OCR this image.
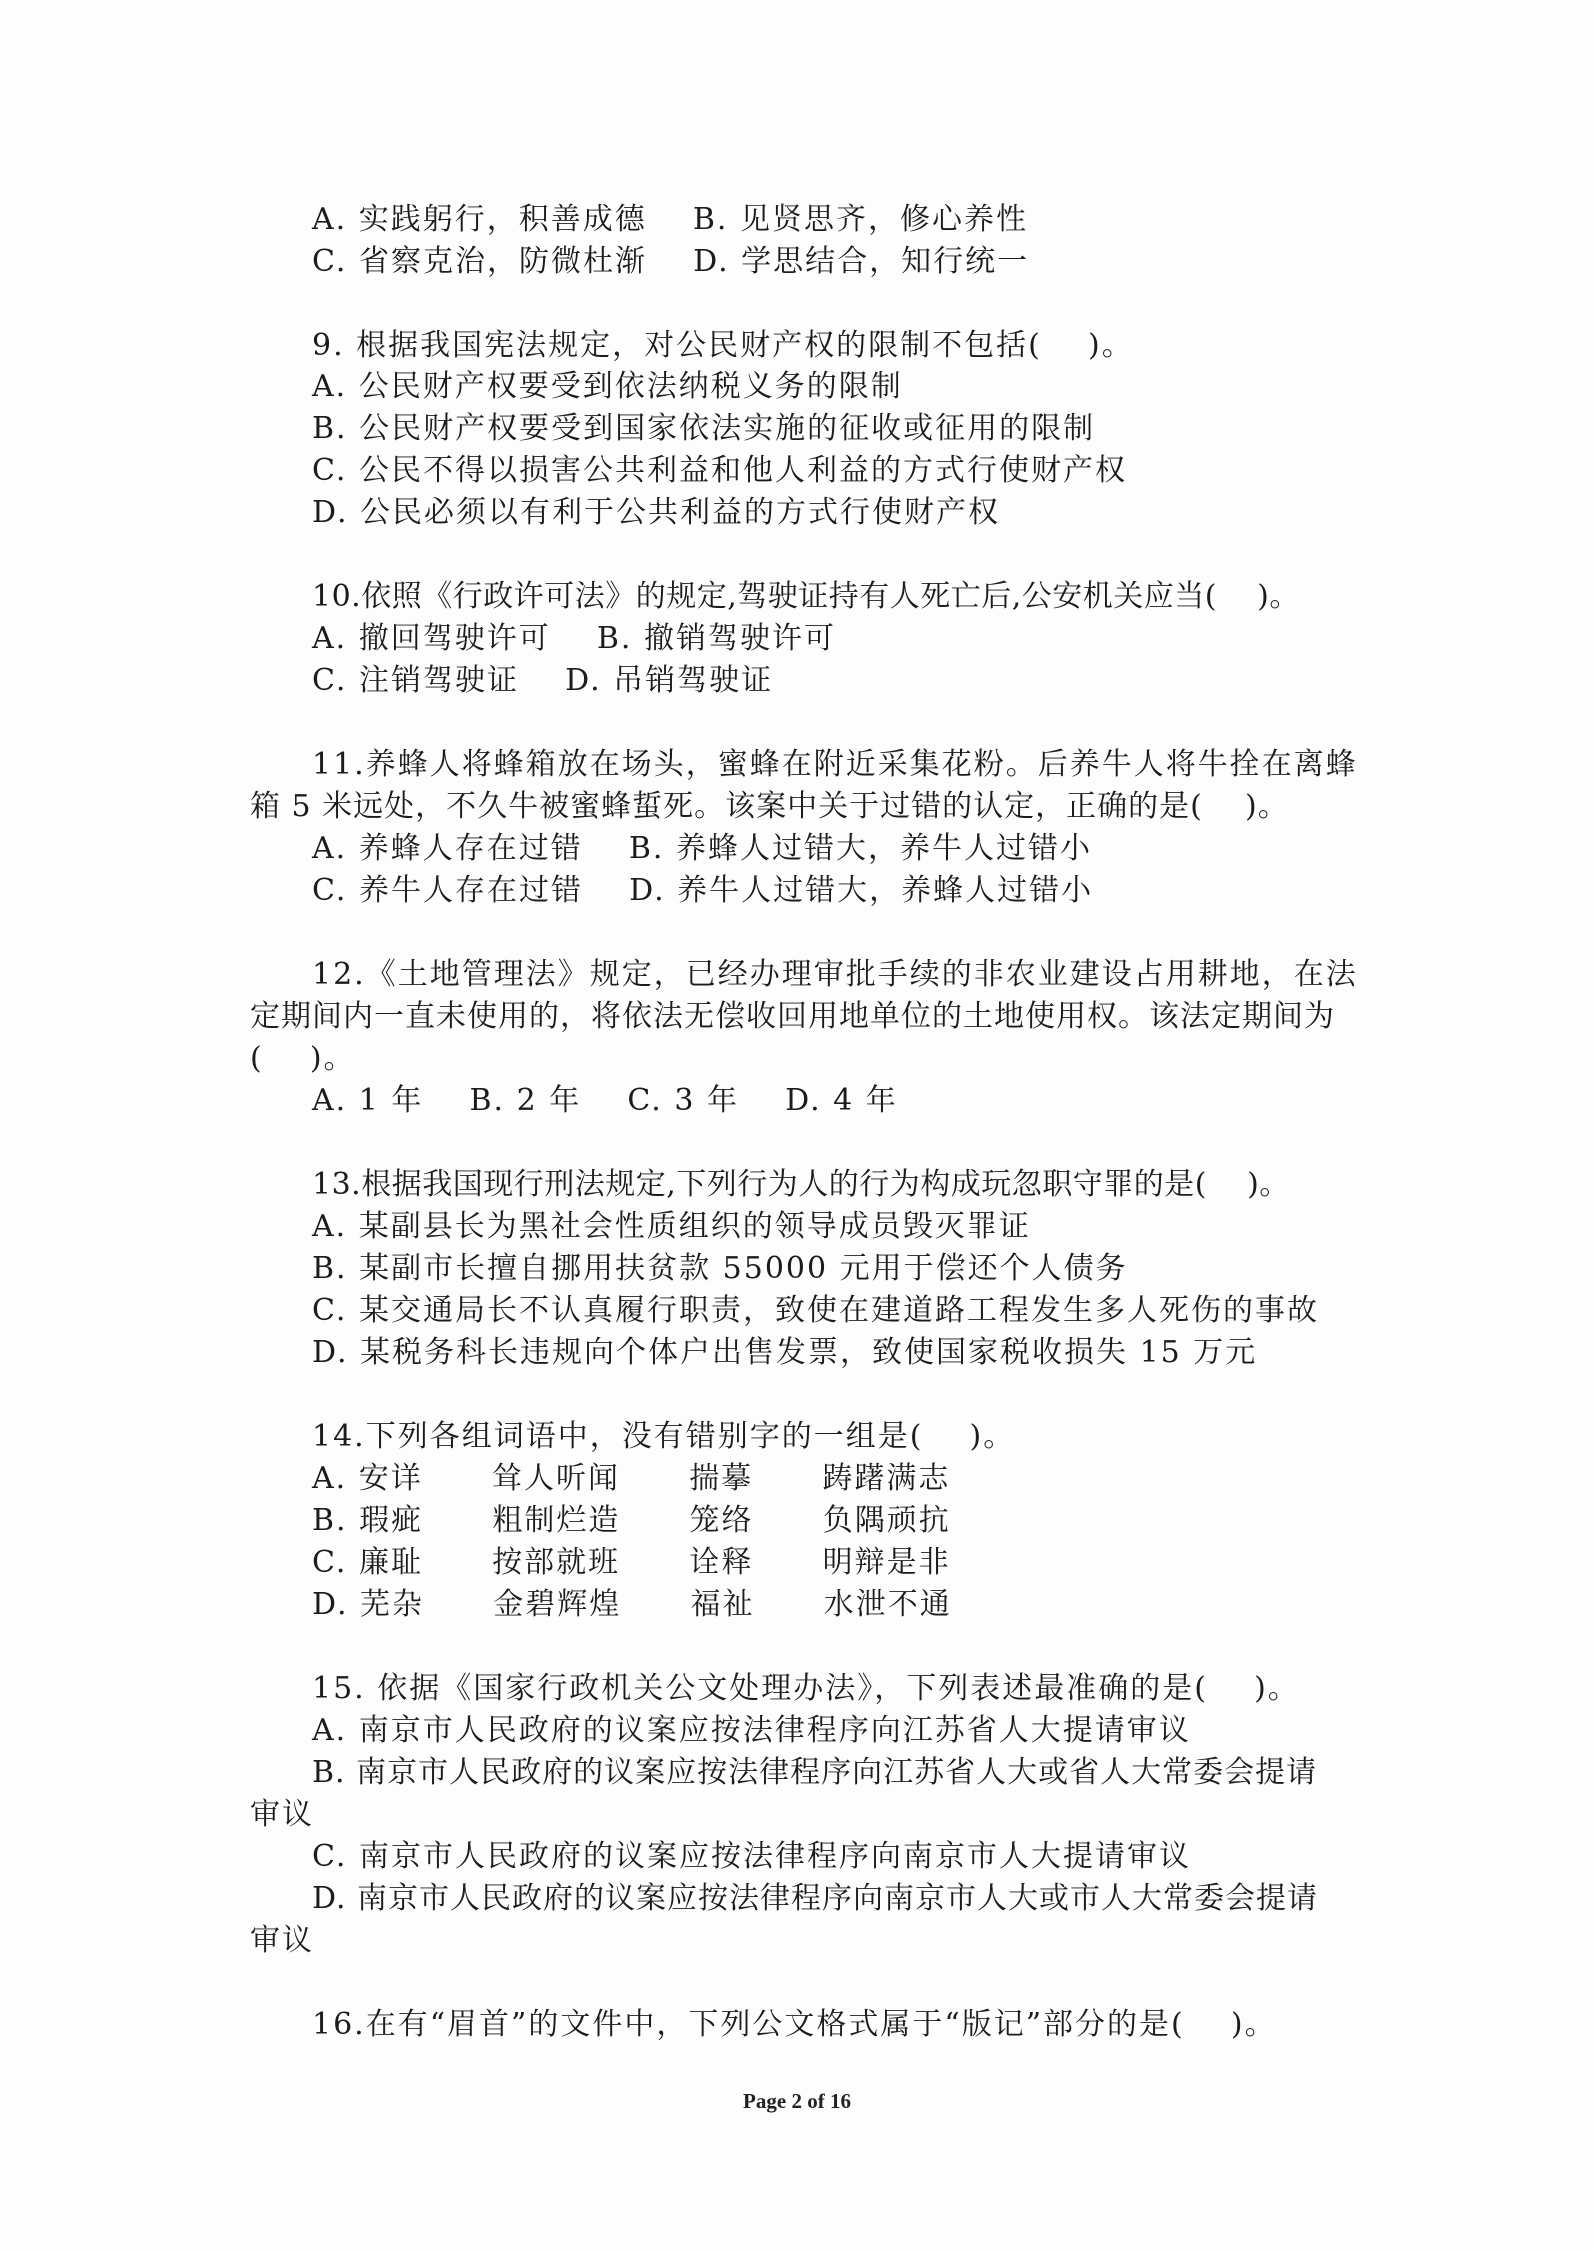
A. 实践躬行，积善成德    B. 见贤思齐，修心养性
C. 省察克治，防微杜渐    D. 学思结合，知行统一
9. 根据我国宪法规定，对公民财产权的限制不包括(    )。
A. 公民财产权要受到依法纳税义务的限制
B. 公民财产权要受到国家依法实施的征收或征用的限制
C. 公民不得以损害公共利益和他人利益的方式行使财产权
D. 公民必须以有利于公共利益的方式行使财产权
10.依照《行政许可法》的规定,驾驶证持有人死亡后,公安机关应当(    )。
A. 撤回驾驶许可    B. 撤销驾驶许可
C. 注销驾驶证    D. 吊销驾驶证
11.养蜂人将蜂箱放在场头，蜜蜂在附近采集花粉。后养牛人将牛拴在离蜂
箱 5 米远处，不久牛被蜜蜂蜇死。该案中关于过错的认定，正确的是(    )。
A. 养蜂人存在过错    B. 养蜂人过错大，养牛人过错小
C. 养牛人存在过错    D. 养牛人过错大，养蜂人过错小
12.《土地管理法》规定，已经办理审批手续的非农业建设占用耕地，在法
定期间内一直未使用的，将依法无偿收回用地单位的土地使用权。该法定期间为
(    )。
A. 1 年    B. 2 年    C. 3 年    D. 4 年
13.根据我国现行刑法规定,下列行为人的行为构成玩忽职守罪的是(    )。
A. 某副县长为黑社会性质组织的领导成员毁灭罪证
B. 某副市长擅自挪用扶贫款 55000 元用于偿还个人债务
C. 某交通局长不认真履行职责，致使在建道路工程发生多人死伤的事故
D. 某税务科长违规向个体户出售发票，致使国家税收损失 15 万元
14.下列各组词语中，没有错别字的一组是(    )。
A. 安详      耸人听闻      揣摹      踌躇满志
B. 瑕疵      粗制烂造      笼络      负隅顽抗
C. 廉耻      按部就班      诠释      明辩是非
D. 芜杂      金碧辉煌      福祉      水泄不通
15. 依据《国家行政机关公文处理办法》，下列表述最准确的是(    )。
A. 南京市人民政府的议案应按法律程序向江苏省人大提请审议
B. 南京市人民政府的议案应按法律程序向江苏省人大或省人大常委会提请
审议
C. 南京市人民政府的议案应按法律程序向南京市人大提请审议
D. 南京市人民政府的议案应按法律程序向南京市人大或市人大常委会提请
审议
16.在有“眉首”的文件中，下列公文格式属于“版记”部分的是(    )。
Page 2 of 16
